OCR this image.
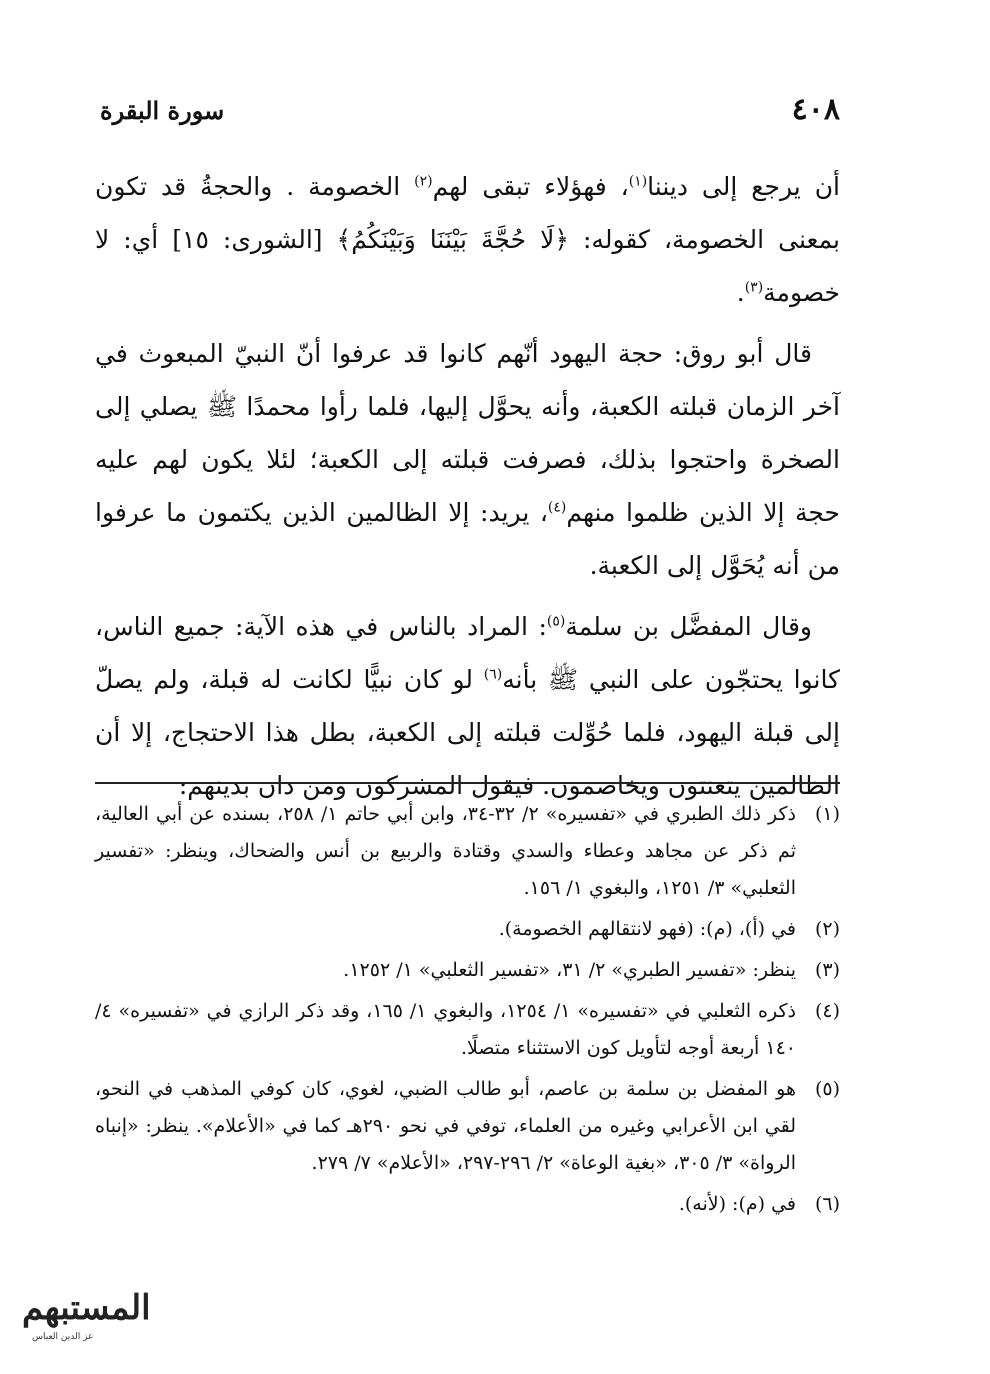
٤٠٨
سورة البقرة

أن يرجع إلى ديننا$^{(١)}$، فهؤلاء تبقى لهم$^{(٢)}$ الخصومة . والحجةُ قد تكون بمعنى الخصومة، كقوله: ﴿لَا حُجَّةَ بَيْنَنَا وَبَيْنَكُمُ﴾ [الشورى: ١٥] أي: لا خصومة$^{(٣)}$.

قال أبو روق: حجة اليهود أنّهم كانوا قد عرفوا أنّ النبيّ المبعوث في آخر الزمان قبلته الكعبة، وأنه يحوَّل إليها، فلما رأوا محمدًا ﷺ يصلي إلى الصخرة واحتجوا بذلك، فصرفت قبلته إلى الكعبة؛ لئلا يكون لهم عليه حجة إلا الذين ظلموا منهم$^{(٤)}$، يريد: إلا الظالمين الذين يكتمون ما عرفوا من أنه يُحَوَّل إلى الكعبة.

وقال المفضَّل بن سلمة$^{(٥)}$: المراد بالناس في هذه الآية: جميع الناس، كانوا يحتجّون على النبي ﷺ بأنه$^{(٦)}$ لو كان نبيًّا لكانت له قبلة، ولم يصلّ إلى قبلة اليهود، فلما حُوِّلت قبلته إلى الكعبة، بطل هذا الاحتجاج، إلا أن الظالمين يتعنتون ويخاصمون. فيقول المشركون ومن دان بدينهم:

(١)
ذكر ذلك الطبري في «تفسيره» ٢/ ٣٢-٣٤، وابن أبي حاتم ١/ ٢٥٨، بسنده عن أبي العالية، ثم ذكر عن مجاهد وعطاء والسدي وقتادة والربيع بن أنس والضحاك، وينظر: «تفسير الثعلبي» ٣/ ١٢٥١، والبغوي ١/ ١٥٦.
(٢)
في (أ)، (م): (فهو لانتقالهم الخصومة).
(٣)
ينظر: «تفسير الطبري» ٢/ ٣١، «تفسير الثعلبي» ١/ ١٢٥٢.
(٤)
ذكره الثعلبي في «تفسيره» ١/ ١٢٥٤، والبغوي ١/ ١٦٥، وقد ذكر الرازي في «تفسيره» ٤/ ١٤٠ أربعة أوجه لتأويل كون الاستثناء متصلًا.
(٥)
هو المفضل بن سلمة بن عاصم، أبو طالب الضبي، لغوي، كان كوفي المذهب في النحو، لقي ابن الأعرابي وغيره من العلماء، توفي في نحو ٢٩٠هـ كما في «الأعلام». ينظر: «إنباه الرواة» ٣/ ٣٠٥، «بغية الوعاة» ٢/ ٢٩٦-٢٩٧، «الأعلام» ٧/ ٢٧٩.
(٦)
في (م): (لأنه).
المستبهم
عز الدين العباس
